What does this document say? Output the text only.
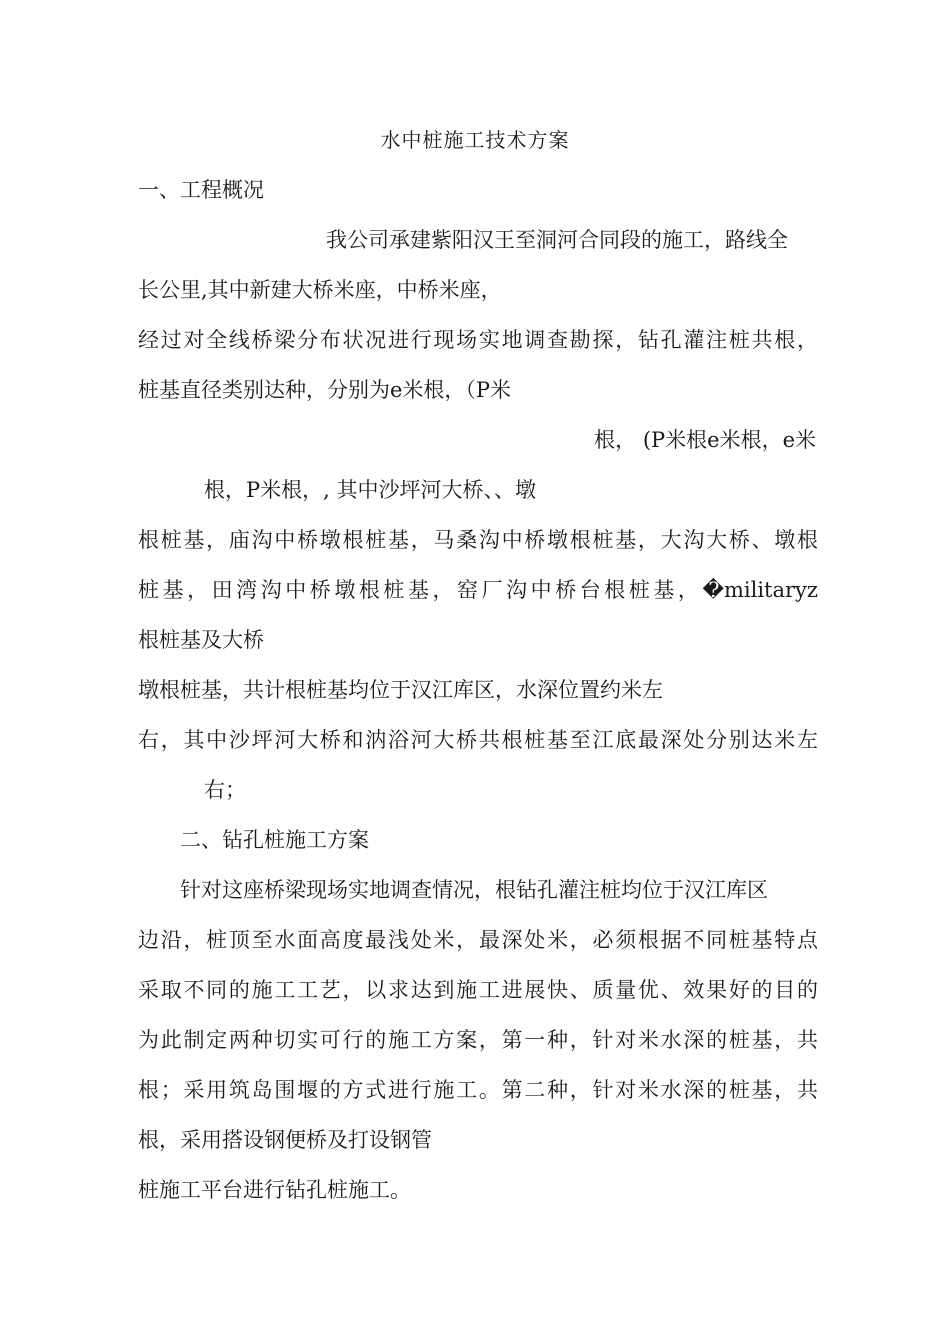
水中桩施工技术方案

一、工程概况

我公司承建紫阳汉王至洞河合同段的施工，路线全

长公里,其中新建大桥米座，中桥米座，

经过对全线桥梁分布状况进行现场实地调查勘探，钻孔灌注桩共根，

桩基直径类别达种，分别为e米根，（P米

根， (P米根e米根，e米

根，P米根，, 其中沙坪河大桥、、墩

根桩基，庙沟中桥墩根桩基，马桑沟中桥墩根桩基，大沟大桥、墩根

桩基，田湾沟中桥墩根桩基，窑厂沟中桥台根桩基，�militaryz

根桩基及大桥

墩根桩基，共计根桩基均位于汉江库区，水深位置约米左

右，其中沙坪河大桥和汭浴河大桥共根桩基至江底最深处分别达米左

右；

二、钻孔桩施工方案

针对这座桥梁现场实地调查情况，根钻孔灌注桩均位于汉江库区

边沿，桩顶至水面高度最浅处米，最深处米，必须根据不同桩基特点

采取不同的施工工艺，以求达到施工进展快、质量优、效果好的目的

为此制定两种切实可行的施工方案，第一种，针对米水深的桩基，共

根；采用筑岛围堰的方式进行施工。第二种，针对米水深的桩基，共

根，采用搭设钢便桥及打设钢管

桩施工平台进行钻孔桩施工。
